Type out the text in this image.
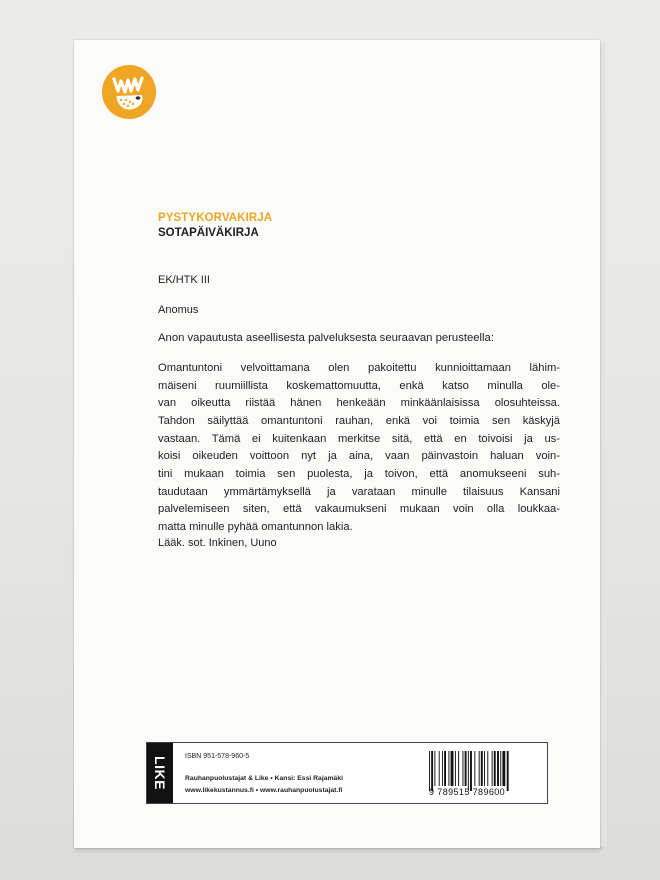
PYSTYKORVAKIRJA

SOTAPÄIVÄKIRJA

EK/HTK III

Anomus

Anon vapautusta aseellisesta palveluksesta seuraavan perusteella:

Omantuntoni velvoittamana olen pakoitettu kunnioittamaan lähim-
mäiseni ruumiillista koskemattomuutta, enkä katso minulla ole-
van oikeutta riistää hänen henkeään minkäänlaisissa olosuhteissa.
Tahdon säilyttää omantuntoni rauhan, enkä voi toimia sen käskyjä
vastaan. Tämä ei kuitenkaan merkitse sitä, että en toivoisi ja us-
koisi oikeuden voittoon nyt ja aina, vaan päinvastoin haluan voin-
tini mukaan toimia sen puolesta, ja toivon, että anomukseeni suh-
taudutaan ymmärtämyksellä ja varataan minulle tilaisuus Kansani
palvelemiseen siten, että vakaumukseni mukaan voin olla loukkaa-
matta minulle pyhää omantunnon lakia.

Lääk. sot. Inkinen, Uuno

LIKE ISBN 951-578-960-5

Rauhanpuolustajat & Like • Kansi: Essi Rajamäki

www.likekustannus.fi • www.rauhanpuolustajat.fi	9 789515 789600
